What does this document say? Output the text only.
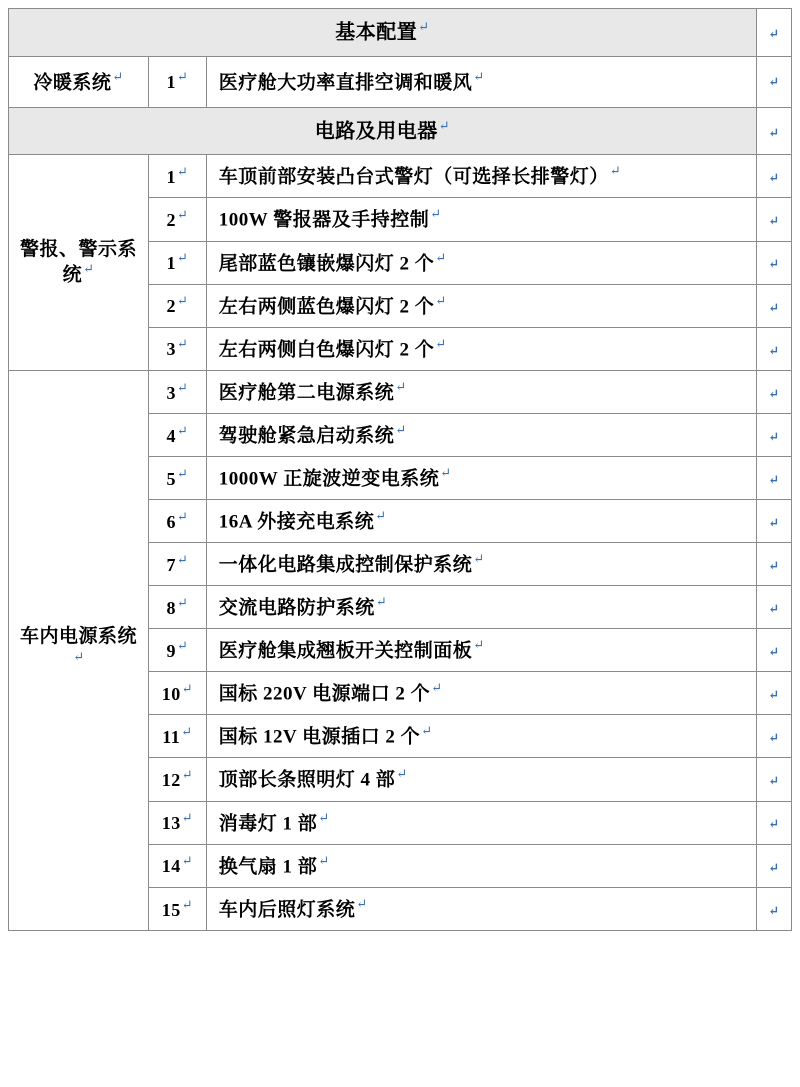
基本配置↵			↵

冷暖系统↵	1↵	医疗舱大功率直排空调和暖风↵	↵

电路及用电器↵			↵

警报、警示系统↵	1↵	车顶前部安装凸台式警灯（可选择长排警灯）↵	↵

	2↵	100W 警报器及手持控制↵	↵

	1↵	尾部蓝色镶嵌爆闪灯 2 个↵	↵

	2↵	左右两侧蓝色爆闪灯 2 个↵	↵

	3↵	左右两侧白色爆闪灯 2 个↵	↵

车内电源系统↵	3↵	医疗舱第二电源系统↵	↵

	4↵	驾驶舱紧急启动系统↵	↵

	5↵	1000W 正旋波逆变电系统↵	↵

	6↵	16A 外接充电系统↵	↵

	7↵	一体化电路集成控制保护系统↵	↵

	8↵	交流电路防护系统↵	↵

	9↵	医疗舱集成翘板开关控制面板↵	↵

	10↵	国标 220V 电源端口 2 个↵	↵

	11↵	国标 12V 电源插口 2 个↵	↵

	12↵	顶部长条照明灯 4 部↵	↵

	13↵	消毒灯 1 部↵	↵

	14↵	换气扇 1 部↵	↵

	15↵	车内后照灯系统↵	↵
